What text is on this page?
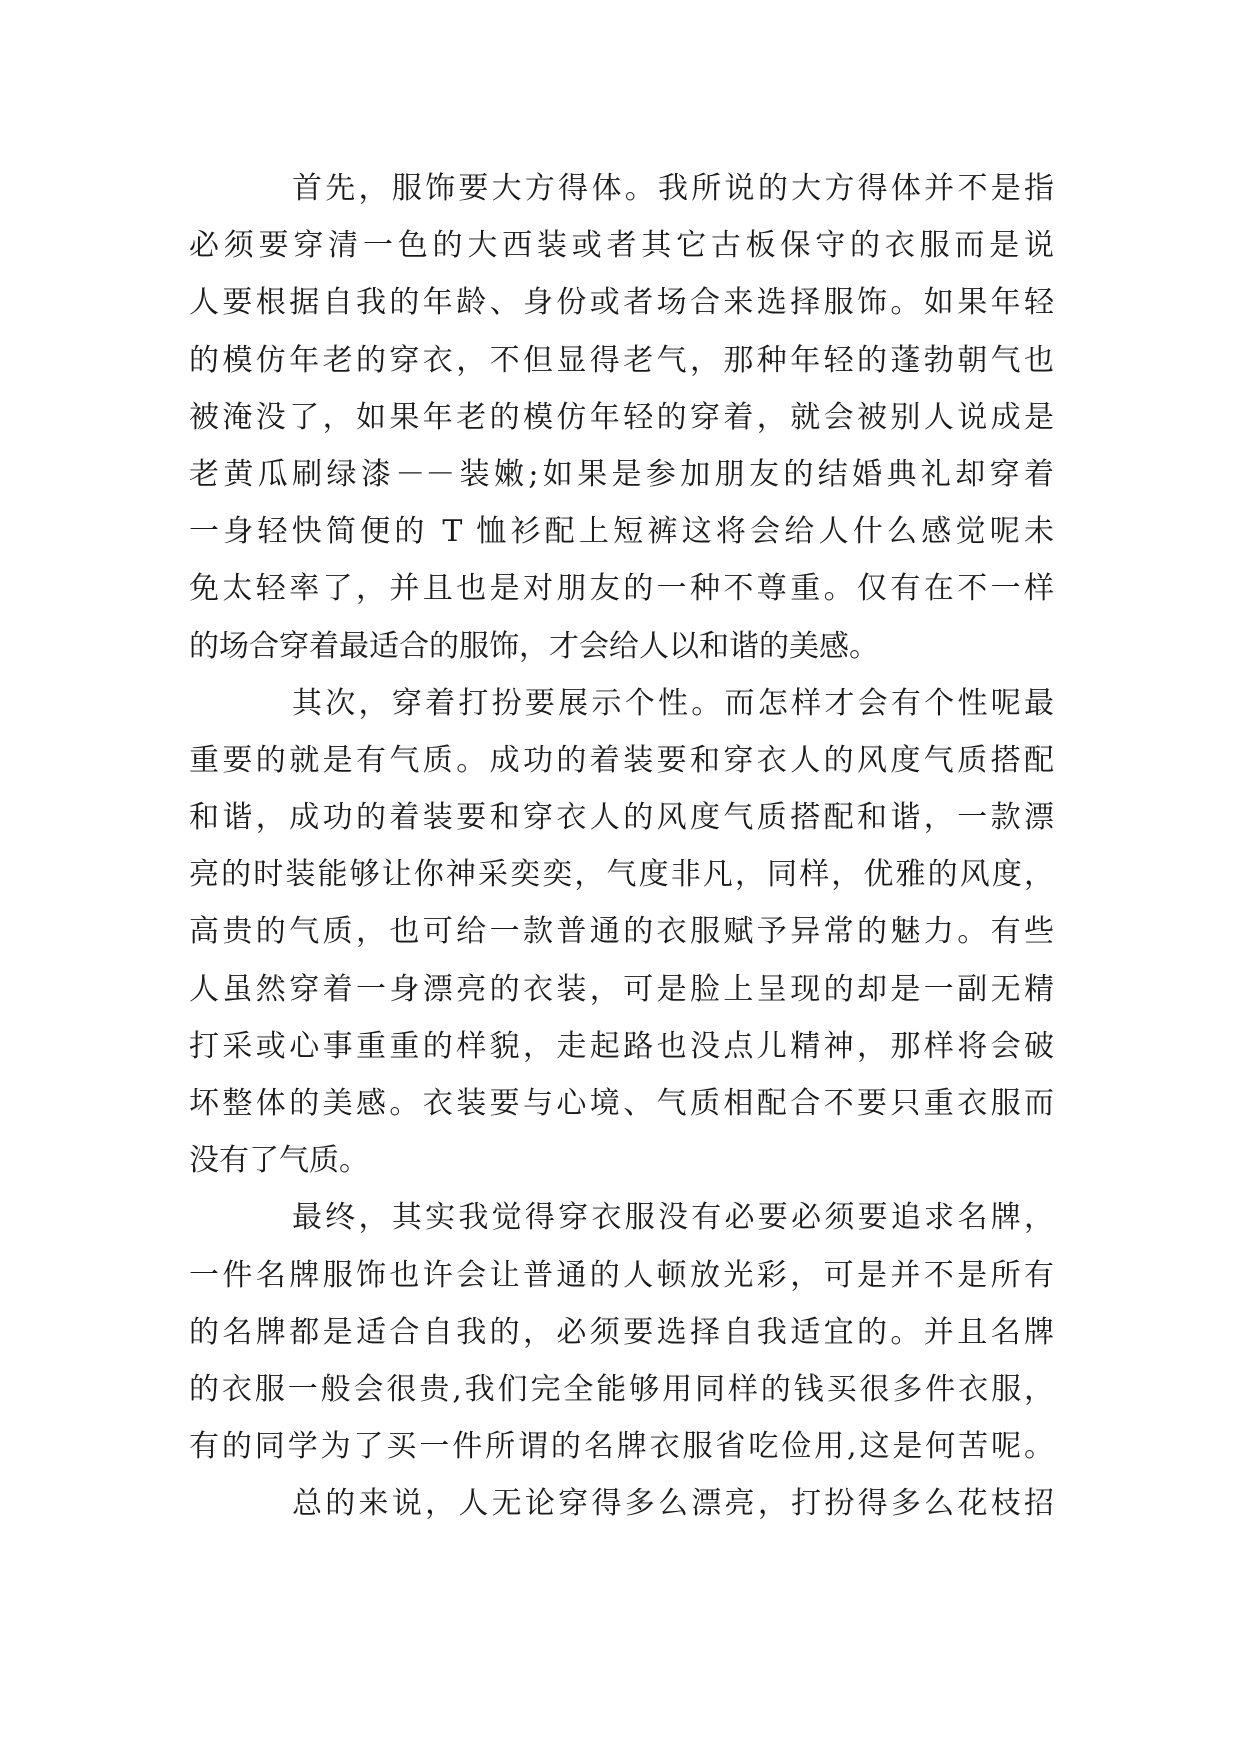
首先，服饰要大方得体。我所说的大方得体并不是指
必须要穿清一色的大西装或者其它古板保守的衣服而是说
人要根据自我的年龄、身份或者场合来选择服饰。如果年轻
的模仿年老的穿衣，不但显得老气，那种年轻的蓬勃朝气也
被淹没了，如果年老的模仿年轻的穿着，就会被别人说成是
老黄瓜刷绿漆－－装嫩;如果是参加朋友的结婚典礼却穿着
一身轻快简便的 T 恤衫配上短裤这将会给人什么感觉呢未
免太轻率了，并且也是对朋友的一种不尊重。仅有在不一样
的场合穿着最适合的服饰，才会给人以和谐的美感。
其次，穿着打扮要展示个性。而怎样才会有个性呢最
重要的就是有气质。成功的着装要和穿衣人的风度气质搭配
和谐，成功的着装要和穿衣人的风度气质搭配和谐，一款漂
亮的时装能够让你神采奕奕，气度非凡，同样，优雅的风度，
高贵的气质，也可给一款普通的衣服赋予异常的魅力。有些
人虽然穿着一身漂亮的衣装，可是脸上呈现的却是一副无精
打采或心事重重的样貌，走起路也没点儿精神，那样将会破
坏整体的美感。衣装要与心境、气质相配合不要只重衣服而
没有了气质。
最终，其实我觉得穿衣服没有必要必须要追求名牌，
一件名牌服饰也许会让普通的人顿放光彩，可是并不是所有
的名牌都是适合自我的，必须要选择自我适宜的。并且名牌
的衣服一般会很贵,我们完全能够用同样的钱买很多件衣服，
有的同学为了买一件所谓的名牌衣服省吃俭用,这是何苦呢。
总的来说，人无论穿得多么漂亮，打扮得多么花枝招
